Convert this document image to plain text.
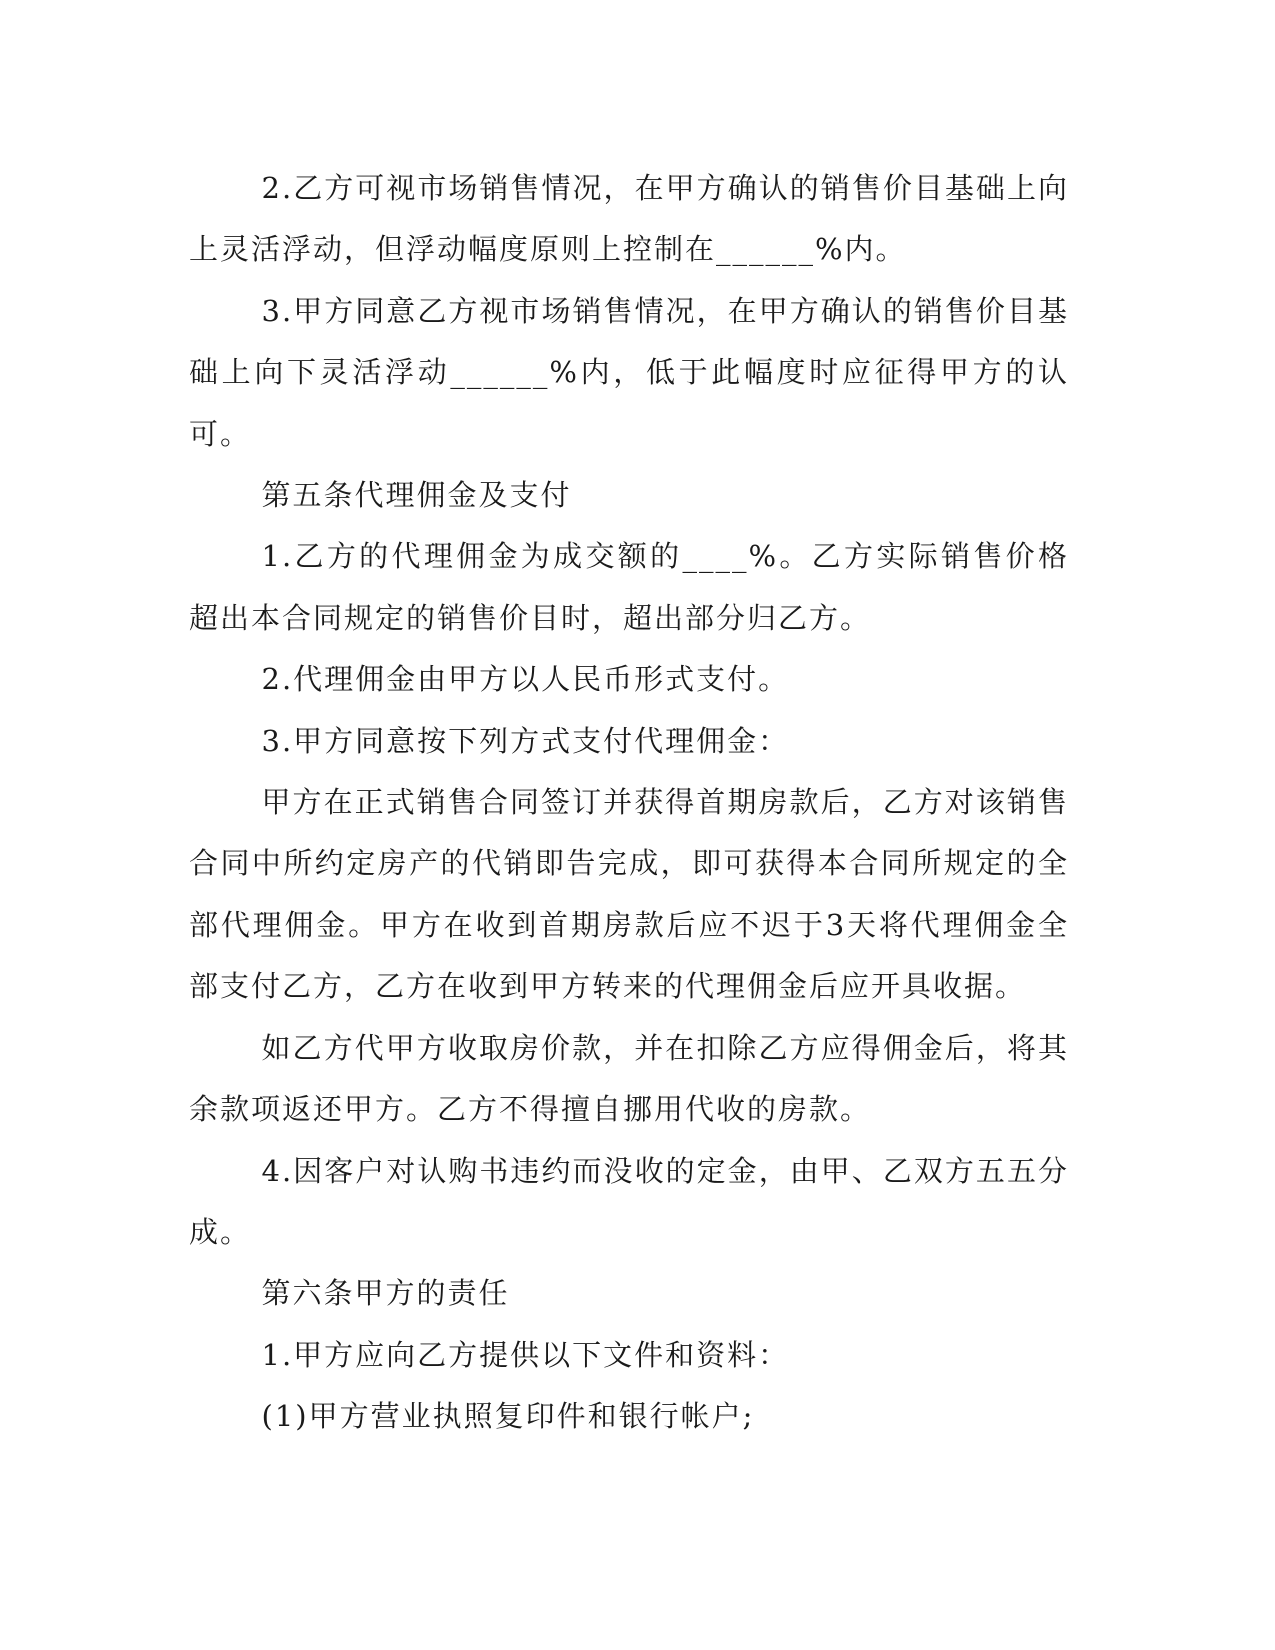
2.乙方可视市场销售情况，在甲方确认的销售价目基础上向上灵活浮动，但浮动幅度原则上控制在______%内。

3.甲方同意乙方视市场销售情况，在甲方确认的销售价目基础上向下灵活浮动______%内，低于此幅度时应征得甲方的认可。

第五条代理佣金及支付

1.乙方的代理佣金为成交额的____%。乙方实际销售价格超出本合同规定的销售价目时，超出部分归乙方。

2.代理佣金由甲方以人民币形式支付。

3.甲方同意按下列方式支付代理佣金：

甲方在正式销售合同签订并获得首期房款后，乙方对该销售合同中所约定房产的代销即告完成，即可获得本合同所规定的全部代理佣金。甲方在收到首期房款后应不迟于3天将代理佣金全部支付乙方，乙方在收到甲方转来的代理佣金后应开具收据。

如乙方代甲方收取房价款，并在扣除乙方应得佣金后，将其余款项返还甲方。乙方不得擅自挪用代收的房款。

4.因客户对认购书违约而没收的定金，由甲、乙双方五五分成。

第六条甲方的责任

1.甲方应向乙方提供以下文件和资料：

(1)甲方营业执照复印件和银行帐户;
